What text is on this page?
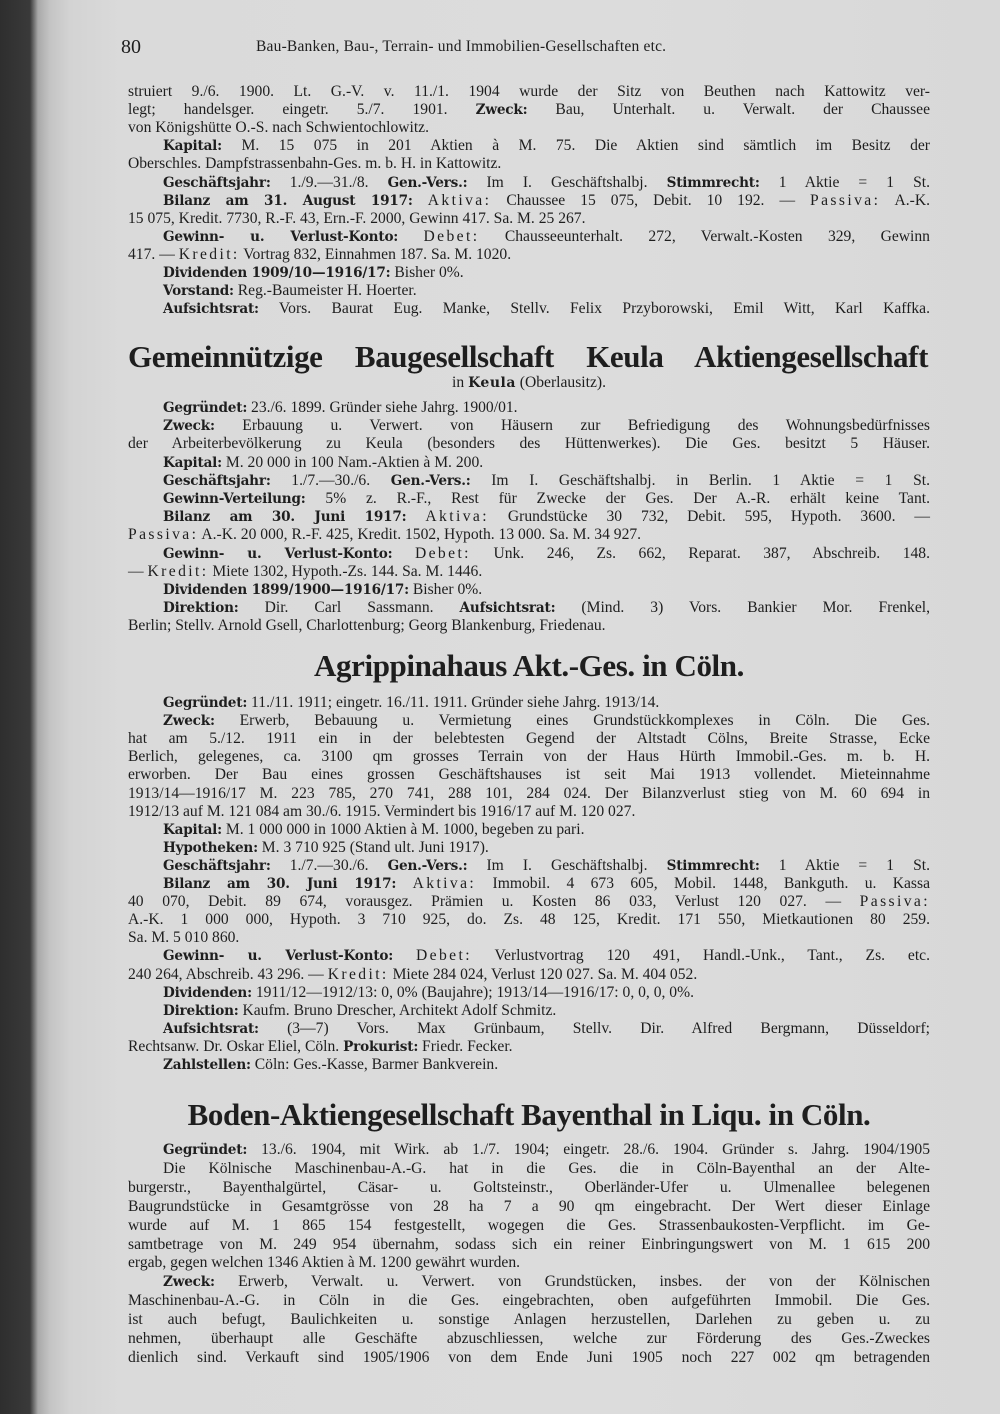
80	Bau-Banken, Bau-, Terrain- und Immobilien-Gesellschaften etc.
struiert 9./6. 1900. Lt. G.-V. v. 11./1. 1904 wurde der Sitz von Beuthen nach Kattowitz ver-
legt; handelsger. eingetr. 5./7. 1901. Zweck: Bau, Unterhalt. u. Verwalt. der Chaussee
von Königshütte O.-S. nach Schwientochlowitz.
Kapital: M. 15 075 in 201 Aktien à M. 75. Die Aktien sind sämtlich im Besitz der
Oberschles. Dampfstrassenbahn-Ges. m. b. H. in Kattowitz.
Geschäftsjahr: 1./9.—31./8. Gen.-Vers.: Im I. Geschäftshalbj. Stimmrecht: 1 Aktie = 1 St.
Bilanz am 31. August 1917: Aktiva: Chaussee 15 075, Debit. 10 192. — Passiva: A.-K.
15 075, Kredit. 7730, R.-F. 43, Ern.-F. 2000, Gewinn 417. Sa. M. 25 267.
Gewinn- u. Verlust-Konto: Debet: Chausseeunterhalt. 272, Verwalt.-Kosten 329, Gewinn
417. — Kredit: Vortrag 832, Einnahmen 187. Sa. M. 1020.
Dividenden 1909/10—1916/17: Bisher 0%.
Vorstand: Reg.-Baumeister H. Hoerter.
Aufsichtsrat: Vors. Baurat Eug. Manke, Stellv. Felix Przyborowski, Emil Witt, Karl Kaffka.
Gemeinnützige Baugesellschaft Keula Aktiengesellschaft
in Keula (Oberlausitz).
Gegründet: 23./6. 1899. Gründer siehe Jahrg. 1900/01.
Zweck: Erbauung u. Verwert. von Häusern zur Befriedigung des Wohnungsbedürfnisses
der Arbeiterbevölkerung zu Keula (besonders des Hüttenwerkes). Die Ges. besitzt 5 Häuser.
Kapital: M. 20 000 in 100 Nam.-Aktien à M. 200.
Geschäftsjahr: 1./7.—30./6. Gen.-Vers.: Im I. Geschäftshalbj. in Berlin. 1 Aktie = 1 St.
Gewinn-Verteilung: 5% z. R.-F., Rest für Zwecke der Ges. Der A.-R. erhält keine Tant.
Bilanz am 30. Juni 1917: Aktiva: Grundstücke 30 732, Debit. 595, Hypoth. 3600. —
Passiva: A.-K. 20 000, R.-F. 425, Kredit. 1502, Hypoth. 13 000. Sa. M. 34 927.
Gewinn- u. Verlust-Konto: Debet: Unk. 246, Zs. 662, Reparat. 387, Abschreib. 148.
— Kredit: Miete 1302, Hypoth.-Zs. 144. Sa. M. 1446.
Dividenden 1899/1900—1916/17: Bisher 0%.
Direktion: Dir. Carl Sassmann. Aufsichtsrat: (Mind. 3) Vors. Bankier Mor. Frenkel,
Berlin; Stellv. Arnold Gsell, Charlottenburg; Georg Blankenburg, Friedenau.
Agrippinahaus Akt.-Ges. in Cöln.
Gegründet: 11./11. 1911; eingetr. 16./11. 1911. Gründer siehe Jahrg. 1913/14.
Zweck: Erwerb, Bebauung u. Vermietung eines Grundstückkomplexes in Cöln. Die Ges.
hat am 5./12. 1911 ein in der belebtesten Gegend der Altstadt Cölns, Breite Strasse, Ecke
Berlich, gelegenes, ca. 3100 qm grosses Terrain von der Haus Hürth Immobil.-Ges. m. b. H.
erworben. Der Bau eines grossen Geschäftshauses ist seit Mai 1913 vollendet. Mieteinnahme
1913/14—1916/17 M. 223 785, 270 741, 288 101, 284 024. Der Bilanzverlust stieg von M. 60 694 in
1912/13 auf M. 121 084 am 30./6. 1915. Vermindert bis 1916/17 auf M. 120 027.
Kapital: M. 1 000 000 in 1000 Aktien à M. 1000, begeben zu pari.
Hypotheken: M. 3 710 925 (Stand ult. Juni 1917).
Geschäftsjahr: 1./7.—30./6. Gen.-Vers.: Im I. Geschäftshalbj. Stimmrecht: 1 Aktie = 1 St.
Bilanz am 30. Juni 1917: Aktiva: Immobil. 4 673 605, Mobil. 1448, Bankguth. u. Kassa
40 070, Debit. 89 674, vorausgez. Prämien u. Kosten 86 033, Verlust 120 027. — Passiva:
A.-K. 1 000 000, Hypoth. 3 710 925, do. Zs. 48 125, Kredit. 171 550, Mietkautionen 80 259.
Sa. M. 5 010 860.
Gewinn- u. Verlust-Konto: Debet: Verlustvortrag 120 491, Handl.-Unk., Tant., Zs. etc.
240 264, Abschreib. 43 296. — Kredit: Miete 284 024, Verlust 120 027. Sa. M. 404 052.
Dividenden: 1911/12—1912/13: 0, 0% (Baujahre); 1913/14—1916/17: 0, 0, 0, 0%.
Direktion: Kaufm. Bruno Drescher, Architekt Adolf Schmitz.
Aufsichtsrat: (3—7) Vors. Max Grünbaum, Stellv. Dir. Alfred Bergmann, Düsseldorf;
Rechtsanw. Dr. Oskar Eliel, Cöln. Prokurist: Friedr. Fecker.
Zahlstellen: Cöln: Ges.-Kasse, Barmer Bankverein.
Boden-Aktiengesellschaft Bayenthal in Liqu. in Cöln.
Gegründet: 13./6. 1904, mit Wirk. ab 1./7. 1904; eingetr. 28./6. 1904. Gründer s. Jahrg. 1904/1905
Die Kölnische Maschinenbau-A.-G. hat in die Ges. die in Cöln-Bayenthal an der Alte-
burgerstr., Bayenthalgürtel, Cäsar- u. Goltsteinstr., Oberländer-Ufer u. Ulmenallee belegenen
Baugrundstücke in Gesamtgrösse von 28 ha 7 a 90 qm eingebracht. Der Wert dieser Einlage
wurde auf M. 1 865 154 festgestellt, wogegen die Ges. Strassenbaukosten-Verpflicht. im Ge-
samtbetrage von M. 249 954 übernahm, sodass sich ein reiner Einbringungswert von M. 1 615 200
ergab, gegen welchen 1346 Aktien à M. 1200 gewährt wurden.
Zweck: Erwerb, Verwalt. u. Verwert. von Grundstücken, insbes. der von der Kölnischen
Maschinenbau-A.-G. in Cöln in die Ges. eingebrachten, oben aufgeführten Immobil. Die Ges.
ist auch befugt, Baulichkeiten u. sonstige Anlagen herzustellen, Darlehen zu geben u. zu
nehmen, überhaupt alle Geschäfte abzuschliessen, welche zur Förderung des Ges.-Zweckes
dienlich sind. Verkauft sind 1905/1906 von dem Ende Juni 1905 noch 227 002 qm betragenden
